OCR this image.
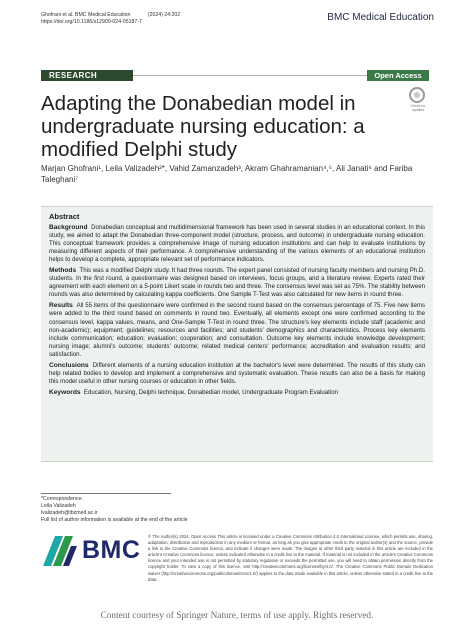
Ghofrani et al. BMC Medical Education	(2024) 24:202
https://doi.org/10.1186/s12909-024-05187-7	BMC Medical Education
RESEARCH	Open Access
Check for updates
Adapting the Donabedian model in undergraduate nursing education: a modified Delphi study
Marjan Ghofrani¹, Leila Valizadeh²*, Vahid Zamanzadeh³, Akram Ghahramanian⁴,⁵, Ali Janati⁶ and Fariba Taleghani⁷
Abstract

Background Donabedian conceptual and multidimensional framework has been used in several studies in an educational context. In this study, we aimed to adapt the Donabedian three-component model (structure, process, and outcome) in undergraduate nursing education. This conceptual framework provides a comprehensive image of nursing education institutions and can help to evaluate institutions by measuring different aspects of their performance. A comprehensive understanding of the various elements of an educational institution helps to develop a complete, appropriate relevant set of performance indicators.

Methods This was a modified Delphi study. It had three rounds. The expert panel consisted of nursing faculty members and nursing Ph.D. students. In the first round, a questionnaire was designed based on interviews, focus groups, and a literature review. Experts rated their agreement with each element on a 5-point Likert scale in rounds two and three. The consensus level was set as 75%. The stability between rounds was also determined by calculating kappa coefficients. One Sample T-Test was also calculated for new items in round three.

Results All 55 items of the questionnaire were confirmed in the second round based on the consensus percentage of 75. Five new items were added to the third round based on comments in round two. Eventually, all elements except one were confirmed according to the consensus level, kappa values, means, and One-Sample T-Test in round three. The structure's key elements include staff (academic and non-academic); equipment; guidelines; resources and facilities; and students' demographics and characteristics. Process key elements include communication; education; evaluation; cooperation; and consultation. Outcome key elements include knowledge development; nursing image; alumni's outcome; students' outcome; related medical centers' performance; accreditation and evaluation results; and satisfaction.

Conclusions Different elements of a nursing education institution at the bachelor's level were determined. The results of this study can help related bodies to develop and implement a comprehensive and systematic evaluation. These results can also be a basis for making this model useful in other nursing courses or education in other fields.

Keywords Education, Nursing, Delphi technique, Donabedian model, Undergraduate Program Evaluation

*Correspondence:
Leila Valizadeh
lvalizadeh@tbzmed.ac.ir
Full list of author information is available at the end of the article
BMC © The Author(s) 2024. Open Access This article is licensed under a Creative Commons Attribution 4.0 International License, which permits use, sharing, adaptation, distribution and reproduction in any medium or format, as long as you give appropriate credit to the original author(s) and the source, provide a link to the Creative Commons licence, and indicate if changes were made. The images or other third party material in this article are included in the article's Creative Commons licence, unless indicated otherwise in a credit line to the material. If material is not included in the article's Creative Commons licence and your intended use is not permitted by statutory regulation or exceeds the permitted use, you will need to obtain permission directly from the copyright holder. To view a copy of this licence, visit http://creativecommons.org/licenses/by/4.0/. The Creative Commons Public Domain Dedication waiver (http://creativecommons.org/publicdomain/zero/1.0/) applies to the data made available in this article, unless otherwise stated in a credit line to the data.
Content courtesy of Springer Nature, terms of use apply. Rights reserved.
